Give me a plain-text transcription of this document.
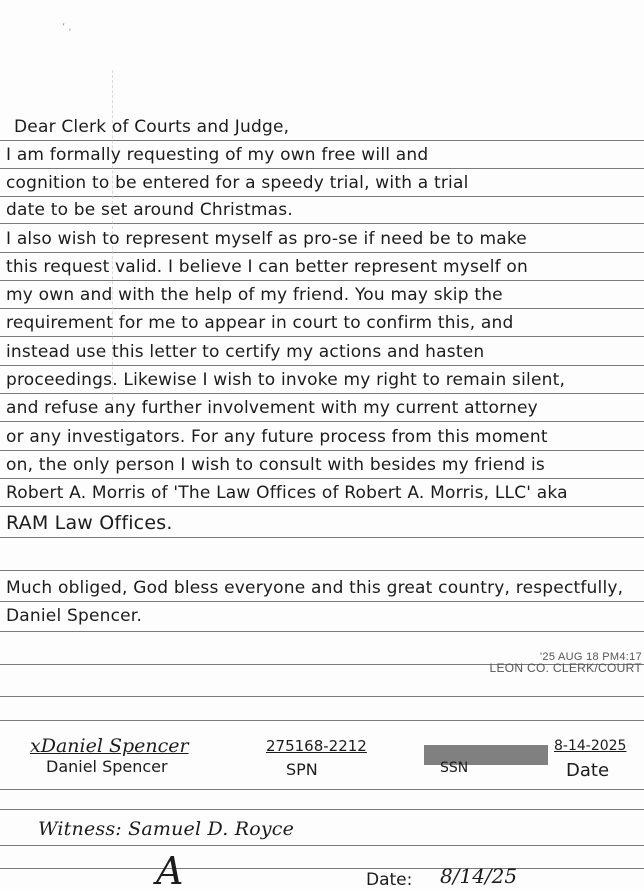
‘ ,
Dear Clerk of Courts and Judge,
I am formally requesting of my own free will and
cognition to be entered for a speedy trial, with a trial
date to be set around Christmas.
I also wish to represent myself as pro-se if need be to make
this request valid. I believe I can better represent myself on
my own and with the help of my friend. You may skip the
requirement for me to appear in court to confirm this, and
instead use this letter to certify my actions and hasten
proceedings. Likewise I wish to invoke my right to remain silent,
and refuse any further involvement with my current attorney
or any investigators. For any future process from this moment
on, the only person I wish to consult with besides my friend is
Robert A. Morris of 'The Law Offices of Robert A. Morris, LLC' aka
RAM Law Offices.
Much obliged, God bless everyone and this great country, respectfully,
Daniel Spencer.
'25 AUG 18 PM4:17
LEON CO. CLERK/COURT
xDaniel Spencer
Daniel Spencer
275168-2212
SPN	SSN
8-14-2025
Date
Witness: Samuel D. Royce
A	Date: 8/14/25
